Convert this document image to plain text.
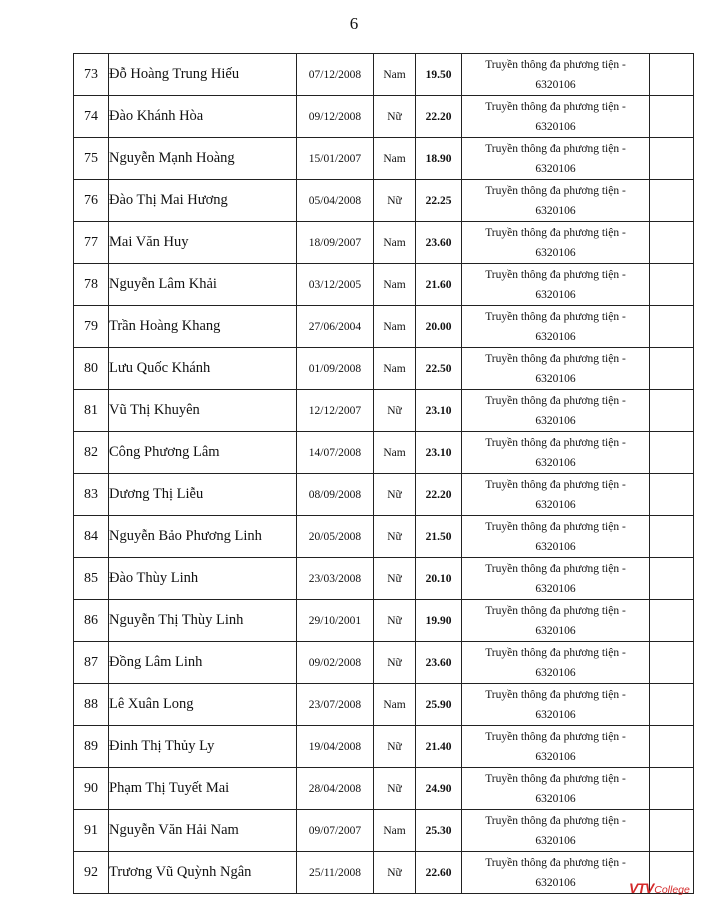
6
73	Đỗ Hoàng Trung Hiếu	07/12/2008	Nam	19.50	Truyền thông đa phương tiện -
6320106	

74	Đào Khánh Hòa	09/12/2008	Nữ	22.20	Truyền thông đa phương tiện -
6320106	

75	Nguyễn Mạnh Hoàng	15/01/2007	Nam	18.90	Truyền thông đa phương tiện -
6320106	

76	Đào Thị Mai Hương	05/04/2008	Nữ	22.25	Truyền thông đa phương tiện -
6320106	

77	Mai Văn Huy	18/09/2007	Nam	23.60	Truyền thông đa phương tiện -
6320106	

78	Nguyễn Lâm Khải	03/12/2005	Nam	21.60	Truyền thông đa phương tiện -
6320106	

79	Trần Hoàng Khang	27/06/2004	Nam	20.00	Truyền thông đa phương tiện -
6320106	

80	Lưu Quốc Khánh	01/09/2008	Nam	22.50	Truyền thông đa phương tiện -
6320106	

81	Vũ Thị Khuyên	12/12/2007	Nữ	23.10	Truyền thông đa phương tiện -
6320106	

82	Công Phương Lâm	14/07/2008	Nam	23.10	Truyền thông đa phương tiện -
6320106	

83	Dương Thị Liễu	08/09/2008	Nữ	22.20	Truyền thông đa phương tiện -
6320106	

84	Nguyễn Bảo Phương Linh	20/05/2008	Nữ	21.50	Truyền thông đa phương tiện -
6320106	

85	Đào Thùy Linh	23/03/2008	Nữ	20.10	Truyền thông đa phương tiện -
6320106	

86	Nguyễn Thị Thùy Linh	29/10/2001	Nữ	19.90	Truyền thông đa phương tiện -
6320106	

87	Đồng Lâm Linh	09/02/2008	Nữ	23.60	Truyền thông đa phương tiện -
6320106	

88	Lê Xuân Long	23/07/2008	Nam	25.90	Truyền thông đa phương tiện -
6320106	

89	Đinh Thị Thủy Ly	19/04/2008	Nữ	21.40	Truyền thông đa phương tiện -
6320106	

90	Phạm Thị Tuyết Mai	28/04/2008	Nữ	24.90	Truyền thông đa phương tiện -
6320106	

91	Nguyễn Văn Hải Nam	09/07/2007	Nam	25.30	Truyền thông đa phương tiện -
6320106	

92	Trương Vũ Quỳnh Ngân	25/11/2008	Nữ	22.60	Truyền thông đa phương tiện -
6320106	
		VTV College
